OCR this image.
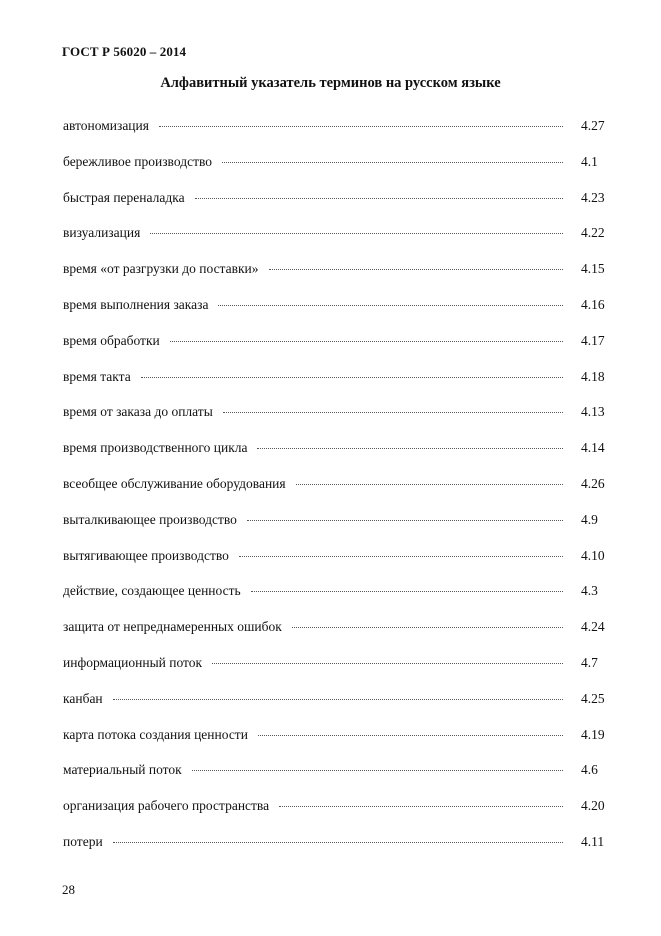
ГОСТ Р 56020 – 2014
Алфавитный указатель терминов на русском языке
автономизация	4.27
бережливое производство	4.1
быстрая переналадка	4.23
визуализация	4.22
время «от разгрузки до поставки»	4.15
время выполнения заказа	4.16
время обработки	4.17
время такта	4.18
время от заказа до оплаты	4.13
время производственного цикла	4.14
всеобщее обслуживание оборудования	4.26
выталкивающее производство	4.9
вытягивающее производство	4.10
действие, создающее ценность	4.3
защита от непреднамеренных ошибок	4.24
информационный поток	4.7
канбан	4.25
карта потока создания ценности	4.19
материальный поток	4.6
организация рабочего пространства	4.20
потери	4.11
28
